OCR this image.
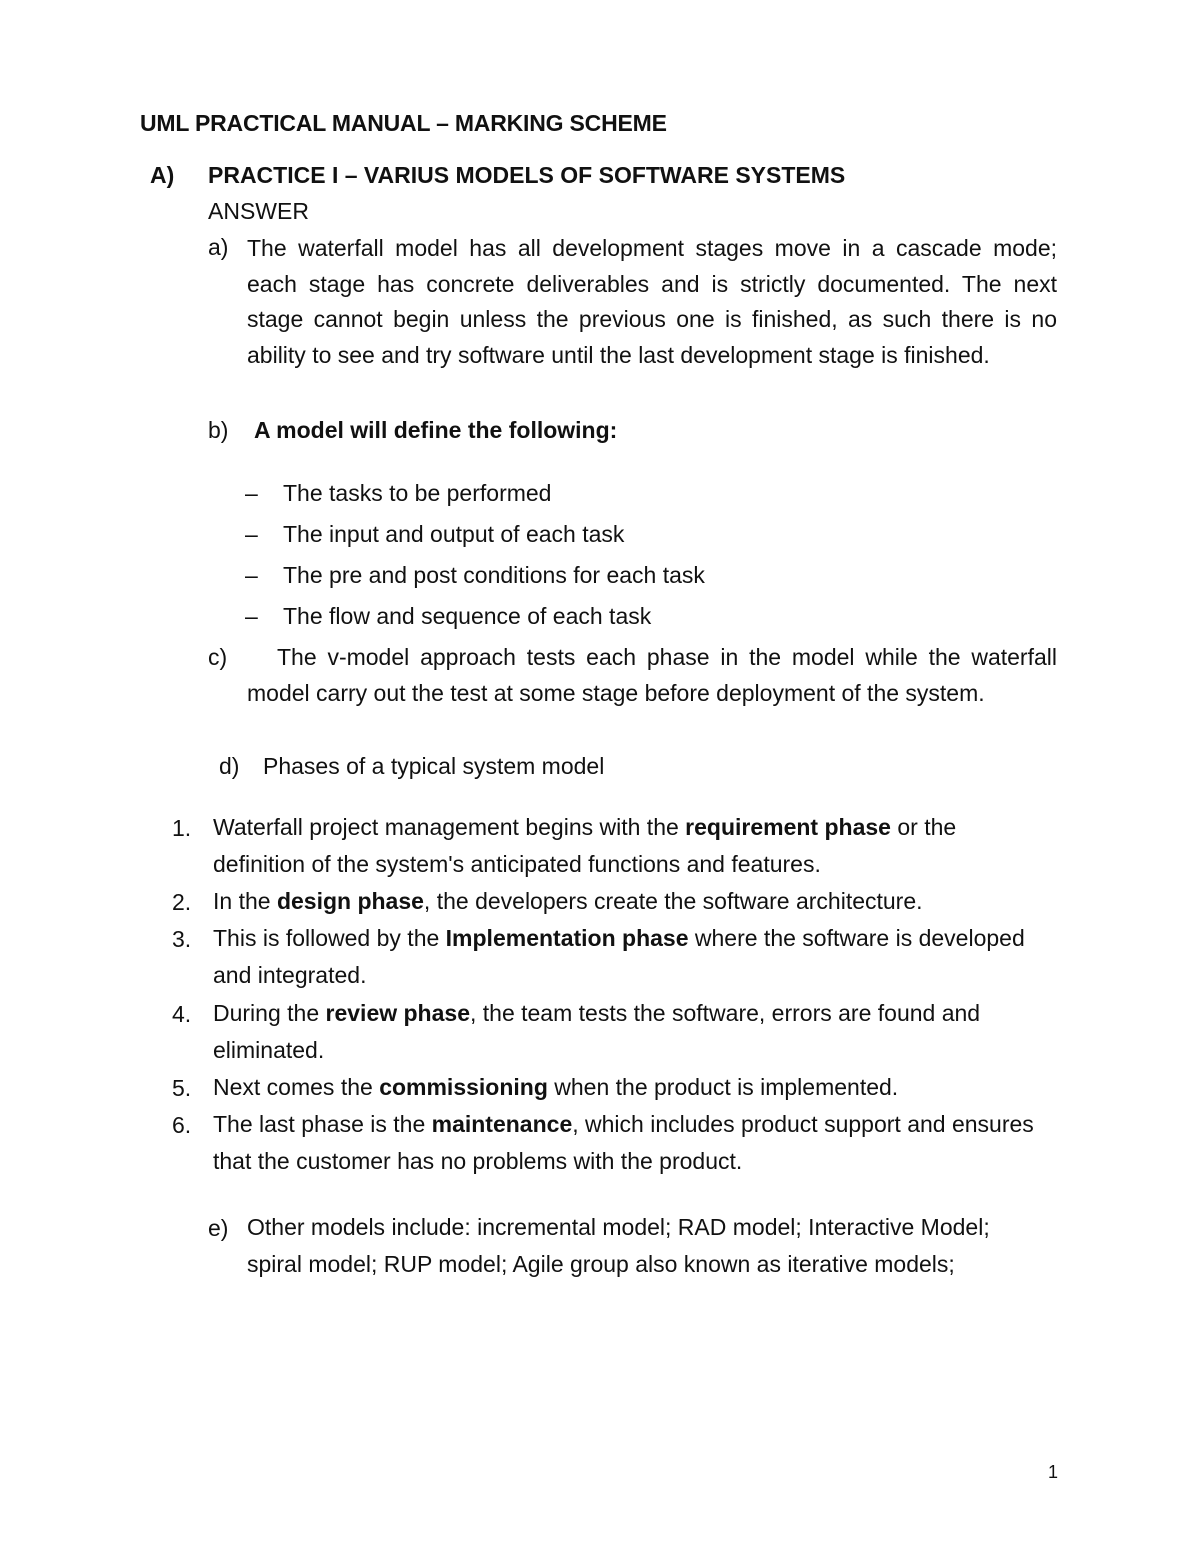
UML PRACTICAL MANUAL – MARKING SCHEME
A) PRACTICE I – VARIUS MODELS OF SOFTWARE SYSTEMS
ANSWER
a) The waterfall model has all development stages move in a cascade mode; each stage has concrete deliverables and is strictly documented. The next stage cannot begin unless the previous one is finished, as such there is no ability to see and try software until the last development stage is finished.
b) A model will define the following:
– The tasks to be performed
– The input and output of each task
– The pre and post conditions for each task
– The flow and sequence of each task
c)	The v-model approach tests each phase in the model while the waterfall model carry out the test at some stage before deployment of the system.
d) Phases of a typical system model
1. Waterfall project management begins with the requirement phase or the definition of the system's anticipated functions and features.
2. In the design phase, the developers create the software architecture.
3. This is followed by the Implementation phase where the software is developed and integrated.
4. During the review phase, the team tests the software, errors are found and eliminated.
5. Next comes the commissioning when the product is implemented.
6. The last phase is the maintenance, which includes product support and ensures that the customer has no problems with the product.
e) Other models include: incremental model; RAD model; Interactive Model; spiral model; RUP model; Agile group also known as iterative models;
1
